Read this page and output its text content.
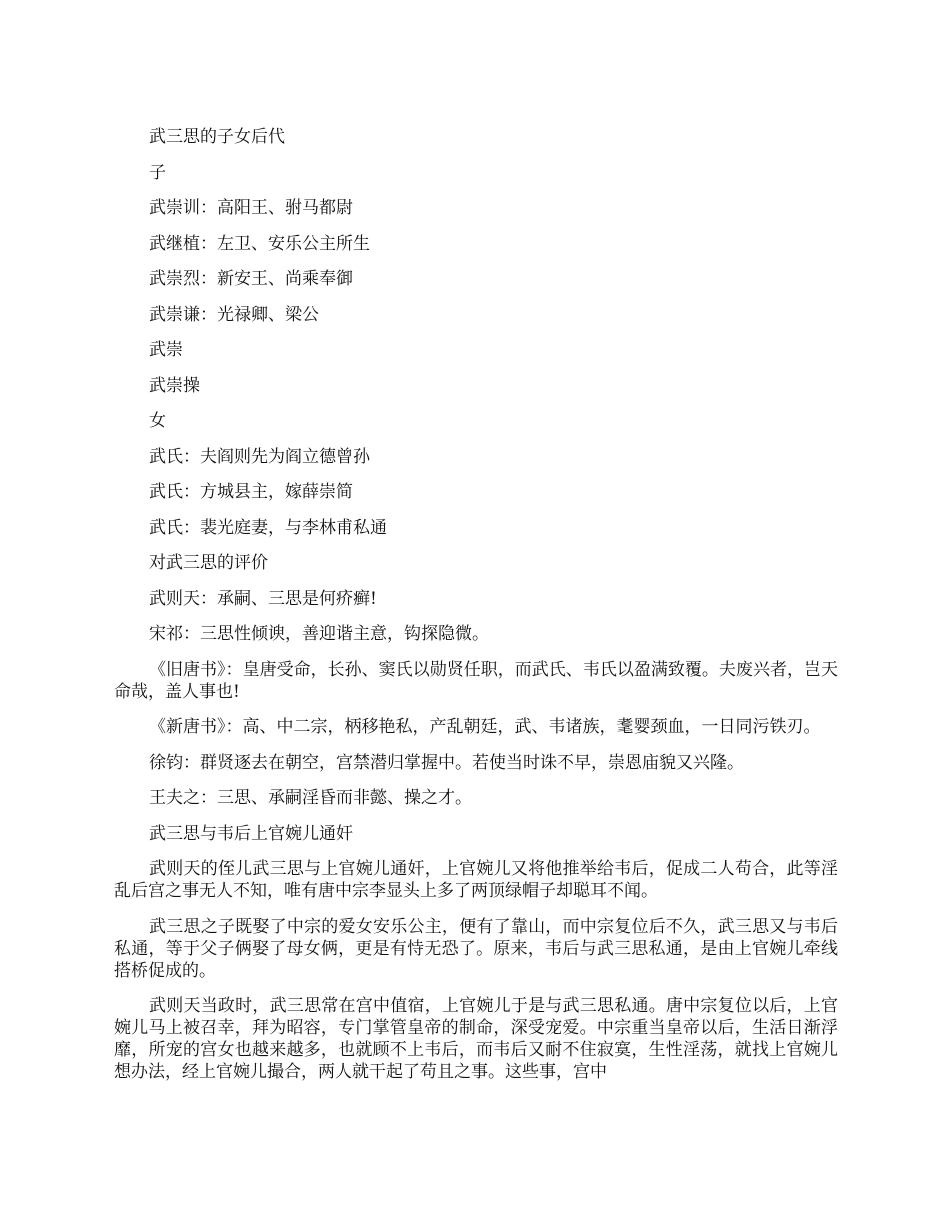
武三思的子女后代

子

武崇训：高阳王、驸马都尉

武继植：左卫、安乐公主所生

武崇烈：新安王、尚乘奉御

武崇谦：光禄卿、梁公

武崇

武崇操

女

武氏：夫阎则先为阎立德曾孙

武氏：方城县主，嫁薛崇简

武氏：裴光庭妻，与李林甫私通

对武三思的评价

武则天：承嗣、三思是何疥癣!

宋祁：三思性倾谀，善迎谐主意，钩探隐微。

《旧唐书》：皇唐受命，长孙、窦氏以勋贤任职，而武氏、韦氏以盈满致覆。夫废兴者，岂天命哉，盖人事也!

《新唐书》：高、中二宗，柄移艳私，产乱朝廷，武、韦诸族，耄婴颈血，一日同污铁刃。

徐钧：群贤逐去在朝空，宫禁潜归掌握中。若使当时诛不早，崇恩庙貌又兴隆。

王夫之：三思、承嗣淫昏而非懿、操之才。

武三思与韦后上官婉儿通奸

武则天的侄儿武三思与上官婉儿通奸，上官婉儿又将他推举给韦后，促成二人苟合，此等淫乱后宫之事无人不知，唯有唐中宗李显头上多了两顶绿帽子却聪耳不闻。

武三思之子既娶了中宗的爱女安乐公主，便有了靠山，而中宗复位后不久，武三思又与韦后私通，等于父子俩娶了母女俩，更是有恃无恐了。原来，韦后与武三思私通，是由上官婉儿牵线搭桥促成的。

武则天当政时，武三思常在宫中值宿，上官婉儿于是与武三思私通。唐中宗复位以后，上官婉儿马上被召幸，拜为昭容，专门掌管皇帝的制命，深受宠爱。中宗重当皇帝以后，生活日渐浮靡，所宠的宫女也越来越多，也就顾不上韦后，而韦后又耐不住寂寞，生性淫荡，就找上官婉儿想办法，经上官婉儿撮合，两人就干起了苟且之事。这些事，宫中
